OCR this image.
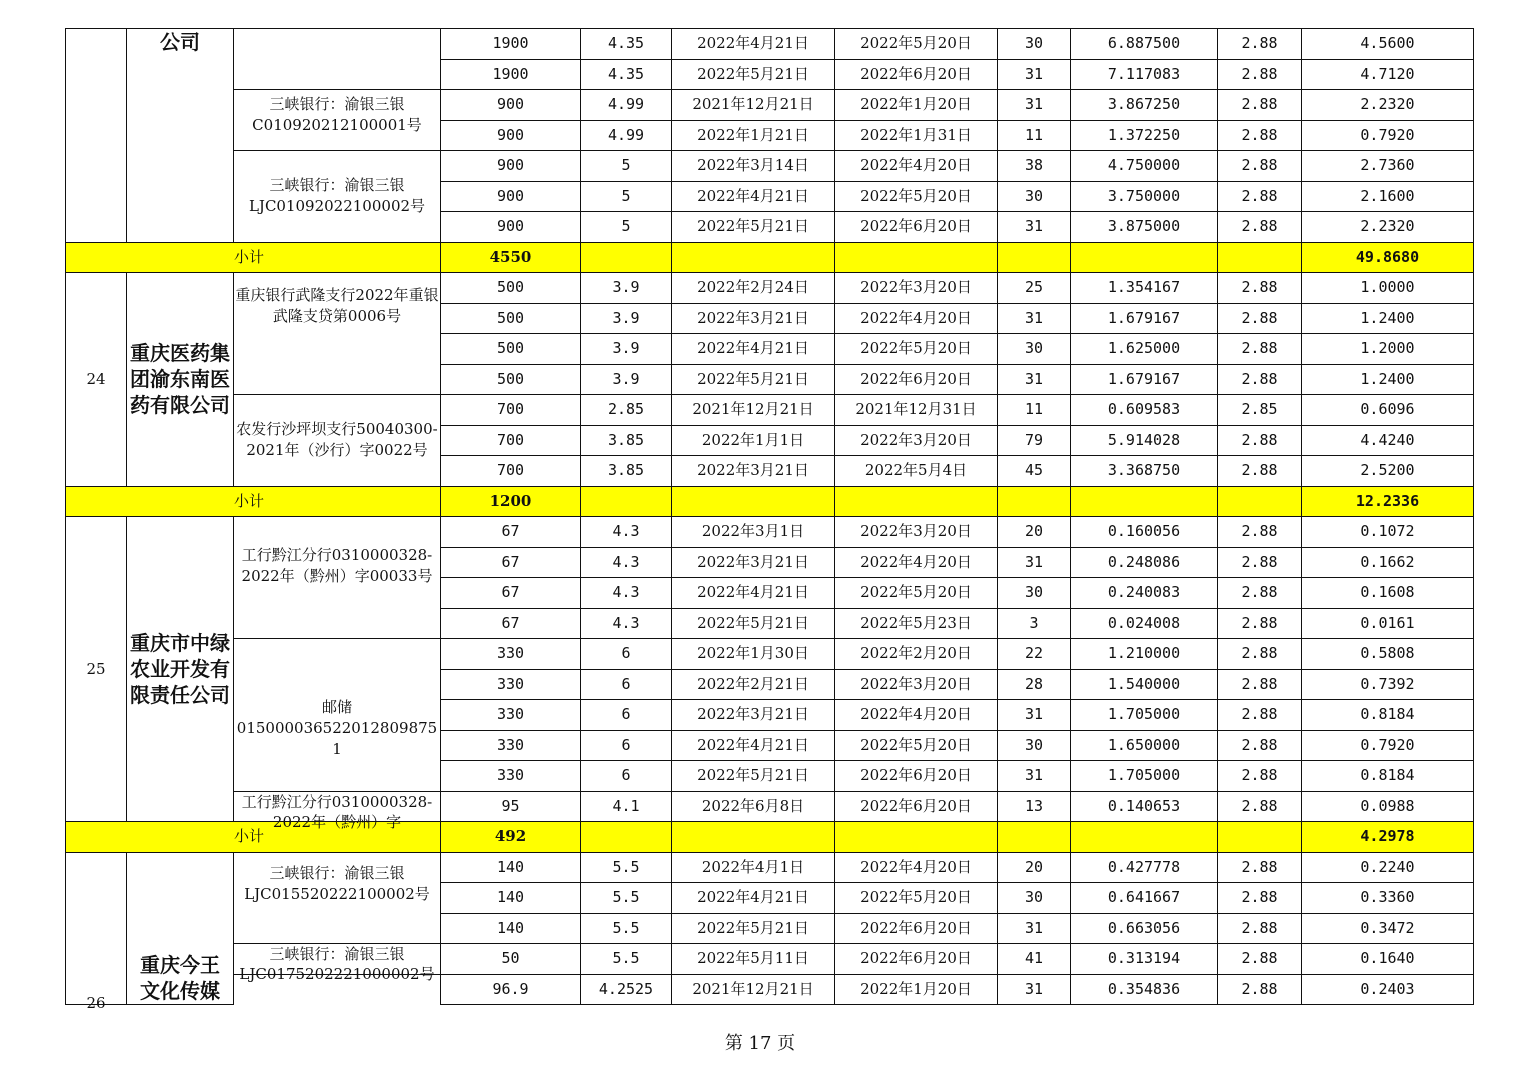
	公司		1900	4.35	2022年4月21日	2022年5月20日	30	6.887500	2.88	4.5600
			1900	4.35	2022年5月21日	2022年6月20日	31	7.117083	2.88	4.7120
		三峡银行：渝银三银C010920212100001号	900	4.99	2021年12月21日	2022年1月20日	31	3.867250	2.88	2.2320
			900	4.99	2022年1月21日	2022年1月31日	11	1.372250	2.88	0.7920
		三峡银行：渝银三银LJC01092022100002号	900	5	2022年3月14日	2022年4月20日	38	4.750000	2.88	2.7360
			900	5	2022年4月21日	2022年5月20日	30	3.750000	2.88	2.1600
			900	5	2022年5月21日	2022年6月20日	31	3.875000	2.88	2.2320
小计			4550							49.8680
24	重庆医药集团渝东南医药有限公司	重庆银行武隆支行2022年重银武隆支贷第0006号	500	3.9	2022年2月24日	2022年3月20日	25	1.354167	2.88	1.0000
			500	3.9	2022年3月21日	2022年4月20日	31	1.679167	2.88	1.2400
			500	3.9	2022年4月21日	2022年5月20日	30	1.625000	2.88	1.2000
			500	3.9	2022年5月21日	2022年6月20日	31	1.679167	2.88	1.2400
		农发行沙坪坝支行50040300-2021年（沙行）字0022号	700	2.85	2021年12月21日	2021年12月31日	11	0.609583	2.85	0.6096
			700	3.85	2022年1月1日	2022年3月20日	79	5.914028	2.88	4.4240
			700	3.85	2022年3月21日	2022年5月4日	45	3.368750	2.88	2.5200
小计			1200							12.2336
25	重庆市中绿农业开发有限责任公司	工行黔江分行0310000328-2022年（黔州）字00033号	67	4.3	2022年3月1日	2022年3月20日	20	0.160056	2.88	0.1072
			67	4.3	2022年3月21日	2022年4月20日	31	0.248086	2.88	0.1662
			67	4.3	2022年4月21日	2022年5月20日	30	0.240083	2.88	0.1608
			67	4.3	2022年5月21日	2022年5月23日	3	0.024008	2.88	0.0161
		邮储015000036522012809875 1	330	6	2022年1月30日	2022年2月20日	22	1.210000	2.88	0.5808
			330	6	2022年2月21日	2022年3月20日	28	1.540000	2.88	0.7392
			330	6	2022年3月21日	2022年4月20日	31	1.705000	2.88	0.8184
			330	6	2022年4月21日	2022年5月20日	30	1.650000	2.88	0.7920
			330	6	2022年5月21日	2022年6月20日	31	1.705000	2.88	0.8184

		工行黔江分行0310000328-2022年（黔州）字	95	4.1	2022年6月8日	2022年6月20日	13	0.140653	2.88	0.0988
小计			492							4.2978

26	重庆今王文化传媒	三峡银行：渝银三银LJC015520222100002号	140	5.5	2022年4月1日	2022年4月20日	20	0.427778	2.88	0.2240
			140	5.5	2022年4月21日	2022年5月20日	30	0.641667	2.88	0.3360
			140	5.5	2022年5月21日	2022年6月20日	31	0.663056	2.88	0.3472

		三峡银行：渝银三银LJC0175202221000002号	50	5.5	2022年5月11日	2022年6月20日	41	0.313194	2.88	0.1640
			96.9	4.2525	2021年12月21日	2022年1月20日	31	0.354836	2.88	0.2403
第 17 页
